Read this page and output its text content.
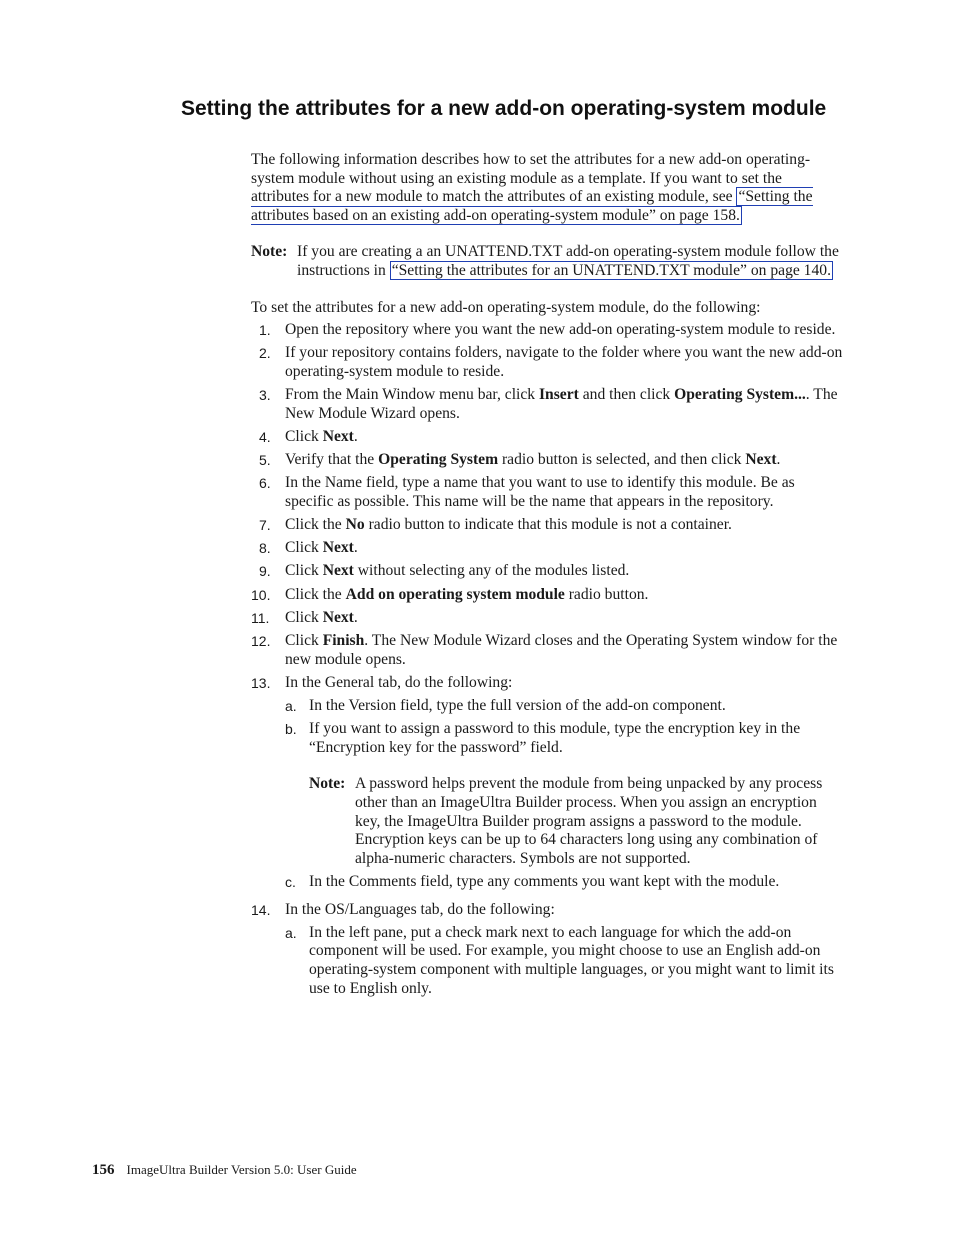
Setting the attributes for a new add-on operating-system module

The following information describes how to set the attributes for a new add-on operating-system module without using an existing module as a template. If you want to set the attributes for a new module to match the attributes of an existing module, see “Setting the attributes based on an existing add-on operating-system module” on page 158.

Note: If you are creating a an UNATTEND.TXT add-on operating-system module follow the instructions in “Setting the attributes for an UNATTEND.TXT module” on page 140.

To set the attributes for a new add-on operating-system module, do the following:

1. Open the repository where you want the new add-on operating-system module to reside.
2. If your repository contains folders, navigate to the folder where you want the new add-on operating-system module to reside.
3. From the Main Window menu bar, click Insert and then click Operating System.... The New Module Wizard opens.
4. Click Next.
5. Verify that the Operating System radio button is selected, and then click Next.
6. In the Name field, type a name that you want to use to identify this module. Be as specific as possible. This name will be the name that appears in the repository.
7. Click the No radio button to indicate that this module is not a container.
8. Click Next.
9. Click Next without selecting any of the modules listed.
10. Click the Add on operating system module radio button.
11. Click Next.
12. Click Finish. The New Module Wizard closes and the Operating System window for the new module opens.
13. In the General tab, do the following:
a. In the Version field, type the full version of the add-on component.
b. If you want to assign a password to this module, type the encryption key in the “Encryption key for the password” field.
Note: A password helps prevent the module from being unpacked by any process other than an ImageUltra Builder process. When you assign an encryption key, the ImageUltra Builder program assigns a password to the module. Encryption keys can be up to 64 characters long using any combination of alpha-numeric characters. Symbols are not supported.
c. In the Comments field, type any comments you want kept with the module.
14. In the OS/Languages tab, do the following:
a. In the left pane, put a check mark next to each language for which the add-on component will be used. For example, you might choose to use an English add-on operating-system component with multiple languages, or you might want to limit its use to English only.
156 ImageUltra Builder Version 5.0: User Guide
